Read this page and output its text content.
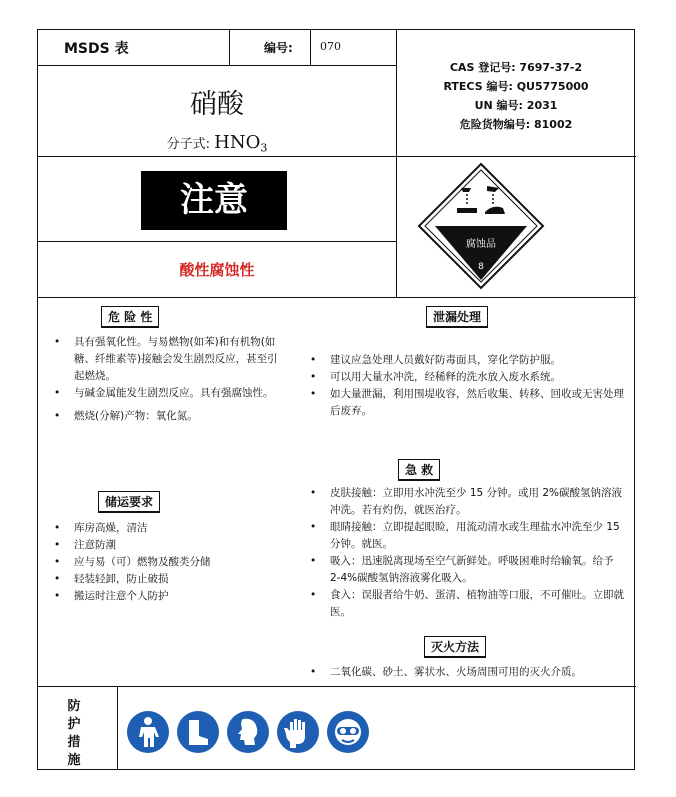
MSDS 表	编号: 070
CAS 登记号: 7697-37-2
RTECS 编号: QU5775000
UN 编号: 2031
危险货物编号: 81002
硝酸
分子式: $HNO_3$
注意
酸性腐蚀性
腐蚀品
8
危 险 性
• 具有强氧化性。与易燃物(如苯)和有机物(如糖、纤维素等)接触会发生剧烈反应，甚至引起燃烧。
• 与碱金属能发生剧烈反应。具有强腐蚀性。
• 燃烧(分解)产物：氧化氮。
储运要求
• 库房高燥，清洁
• 注意防潮
• 应与易（可）燃物及酸类分储
• 轻装轻卸，防止破损
• 搬运时注意个人防护
泄漏处理
• 建议应急处理人员戴好防毒面具，穿化学防护服。
• 可以用大量水冲洗，经稀释的洗水放入废水系统。
• 如大量泄漏，利用围堤收容，然后收集、转移、回收或无害处理后废弃。
急 救
• 皮肤接触：立即用水冲洗至少 15 分钟。或用 2%碳酸氢钠溶液冲洗。若有灼伤，就医治疗。
• 眼睛接触：立即提起眼睑，用流动清水或生理盐水冲洗至少 15 分钟。就医。
• 吸入：迅速脱离现场至空气新鲜处。呼吸困难时给输氧。给予 2-4%碳酸氢钠溶液雾化吸入。
• 食入：误服者给牛奶、蛋清、植物油等口服，不可催吐。立即就医。
灭火方法
• 二氧化碳、砂土、雾状水、火场周围可用的灭火介质。
防
护
措
施
